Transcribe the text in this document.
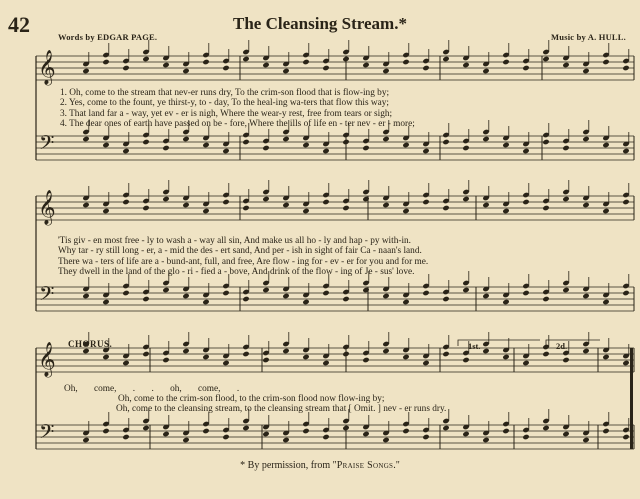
𝄞
𝄢
𝄞
𝄢
𝄞
𝄢
42	The Cleansing Stream.*
Words by EDGAR PAGE.	Music by A. HULL.
1. Oh, come to the stream that nev-er runs dry, To the crim-son flood that is flow-ing by;
2. Yes, come to the fount, ye thirst-y, to - day, To the heal-ing wa-ters that flow this way;
3. That land far a - way, yet ev - er is nigh, Where the wear-y rest, free from tears or sigh;
4. The dear ones of earth have passed on be - fore, Where the ills of life en - ter nev - er - more;
'Tis giv - en most free - ly to wash a - way all sin, And make us all ho - ly and hap - py with-in.
Why tar - ry still long - er, a - mid the des - ert sand, And per - ish in sight of fair Ca - naan's land.
There wa - ters of life are a - bund-ant, full, and free, Are flow - ing for - ev - er for you and for me.
They dwell in the land of the glo - ri - fied a - bove, And drink of the flow - ing of Je - sus' love.
CHORUS.	1st.	2d.
Oh, come, . . oh, come, .
Oh, come to the crim-son flood, to the crim-son flood now flow-ing by;
Oh, come to the cleansing stream, to the cleansing stream that [ Omit. ] nev - er runs dry.
* By permission, from "Praise Songs."
